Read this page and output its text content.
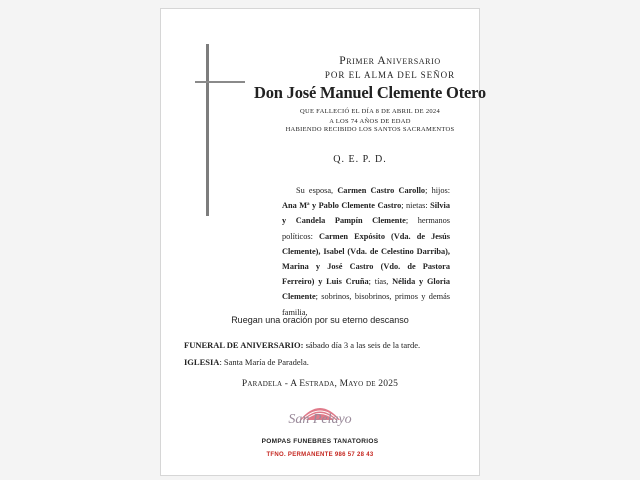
Primer Aniversario
POR EL ALMA DEL SEÑOR
Don José Manuel Clemente Otero
QUE FALLECIÓ EL DÍA 8 DE ABRIL DE 2024
A LOS 74 AÑOS DE EDAD
HABIENDO RECIBIDO LOS SANTOS SACRAMENTOS
Q. E. P. D.
Su esposa, Carmen Castro Carollo; hijos: Ana Mª y Pablo Clemente Castro; nietas: Silvia y Candela Pampín Clemente; hermanos políticos: Carmen Expósito (Vda. de Jesús Clemente), Isabel (Vda. de Celestino Darriba), Marina y José Castro (Vdo. de Pastora Ferreiro) y Luis Cruña; tías, Nélida y Gloria Clemente; sobrinos, bisobrinos, primos y demás familia,
Ruegan una oración por su eterno descanso
FUNERAL DE ANIVERSARIO: sábado día 3 a las seis de la tarde.
IGLESIA: Santa María de Paradela.
Paradela - A Estrada, Mayo de 2025
San Pelayo
POMPAS FUNEBRES TANATORIOS
TFNO. PERMANENTE 986 57 28 43
